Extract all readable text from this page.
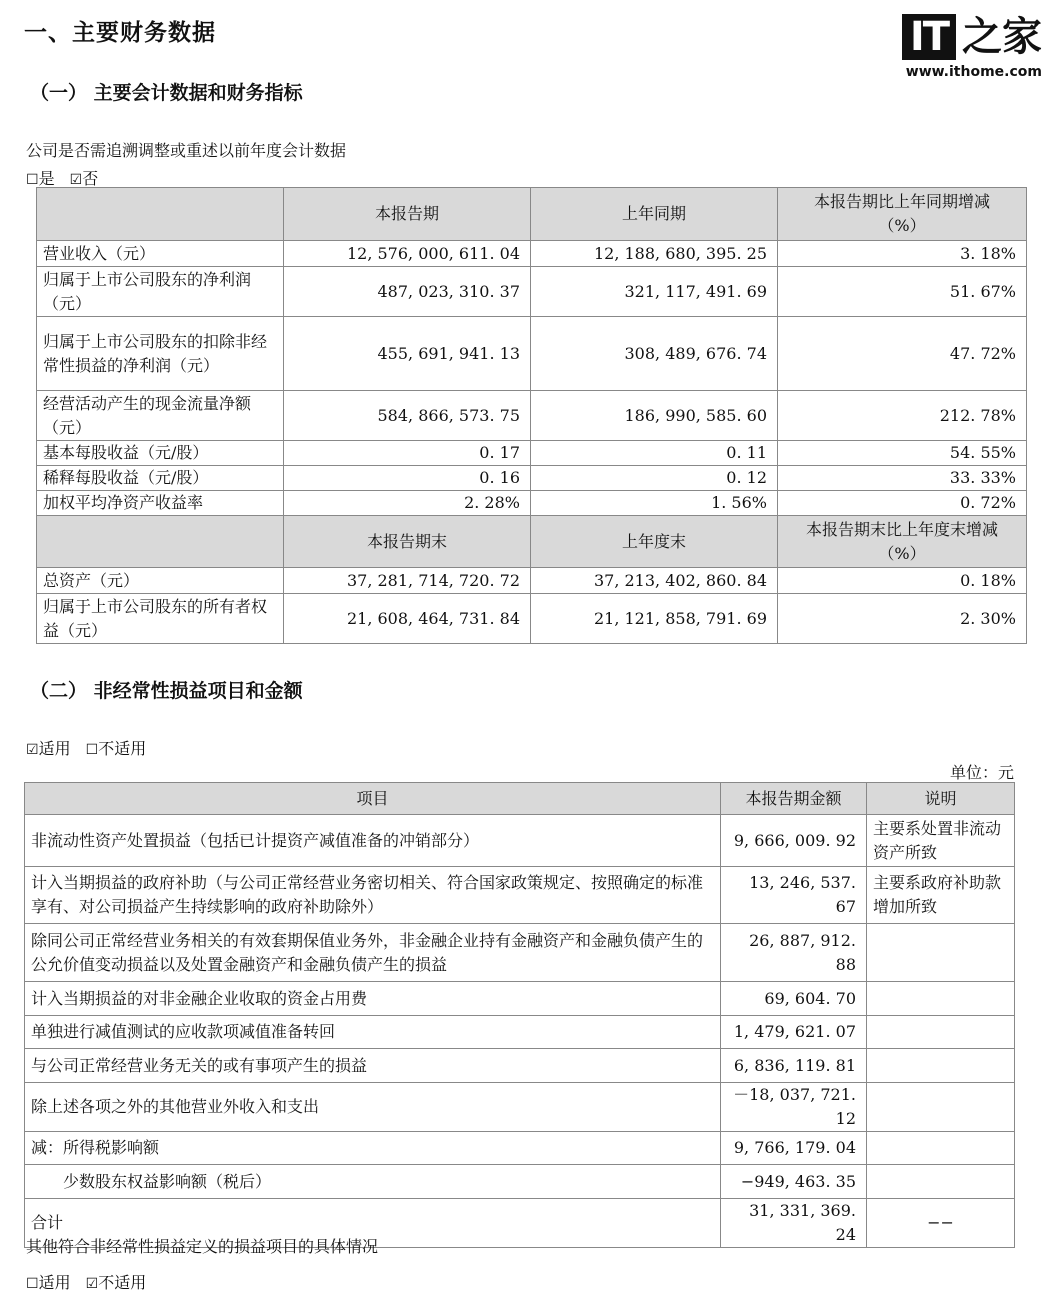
一、主要财务数据	IT 之家
www.ithome.com
（一） 主要会计数据和财务指标
公司是否需追溯调整或重述以前年度会计数据
☐是 ☑否
	本报告期	上年同期	本报告期比上年同期增减
（%）

营业收入（元）	12, 576, 000, 611. 04	12, 188, 680, 395. 25	3. 18%
归属于上市公司股东的净利润（元）	487, 023, 310. 37	321, 117, 491. 69	51. 67%
归属于上市公司股东的扣除非经常性损益的净利润（元）	455, 691, 941. 13	308, 489, 676. 74	47. 72%
经营活动产生的现金流量净额（元）	584, 866, 573. 75	186, 990, 585. 60	212. 78%
基本每股收益（元/股）	0. 17	0. 11	54. 55%
稀释每股收益（元/股）	0. 16	0. 12	33. 33%
加权平均净资产收益率	2. 28%	1. 56%	0. 72%
	本报告期末	上年度末	本报告期末比上年度末增减
（%）

总资产（元）	37, 281, 714, 720. 72	37, 213, 402, 860. 84	0. 18%
归属于上市公司股东的所有者权益（元）	21, 608, 464, 731. 84	21, 121, 858, 791. 69	2. 30%
（二） 非经常性损益项目和金额
☑适用 ☐不适用
单位：元
项目	本报告期金额	说明
非流动性资产处置损益（包括已计提资产减值准备的冲销部分）	9, 666, 009. 92	主要系处置非流动资产所致
计入当期损益的政府补助（与公司正常经营业务密切相关、符合国家政策规定、按照确定的标准享有、对公司损益产生持续影响的政府补助除外）	13, 246, 537. 67	主要系政府补助款增加所致
除同公司正常经营业务相关的有效套期保值业务外，非金融企业持有金融资产和金融负债产生的公允价值变动损益以及处置金融资产和金融负债产生的损益	26, 887, 912. 88	
计入当期损益的对非金融企业收取的资金占用费	69, 604. 70	
单独进行减值测试的应收款项减值准备转回	1, 479, 621. 07	
与公司正常经营业务无关的或有事项产生的损益	6, 836, 119. 81	
除上述各项之外的其他营业外收入和支出	－18, 037, 721. 12	
减：所得税影响额	9, 766, 179. 04	
　　少数股东权益影响额（税后）	−949, 463. 35	
合计	31, 331, 369. 24	−−
其他符合非经常性损益定义的损益项目的具体情况
☐适用 ☑不适用
